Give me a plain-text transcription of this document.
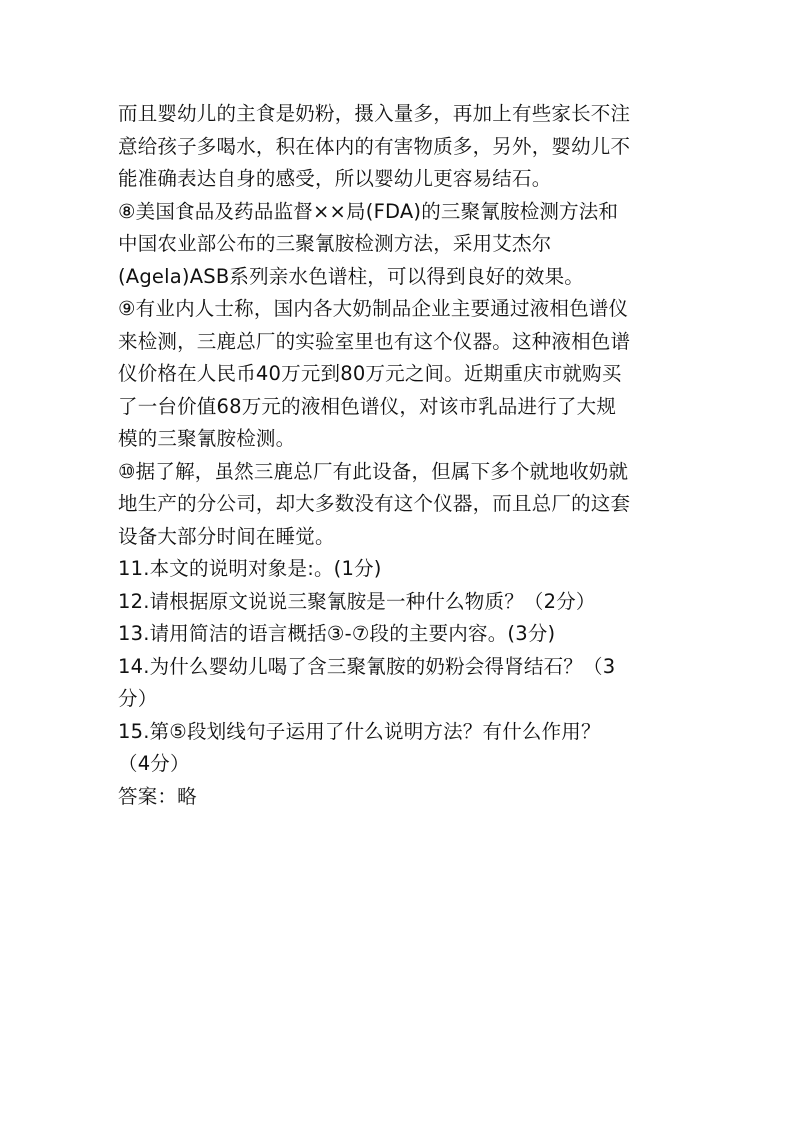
而且婴幼儿的主食是奶粉，摄入量多，再加上有些家长不注
意给孩子多喝水，积在体内的有害物质多，另外，婴幼儿不
能准确表达自身的感受，所以婴幼儿更容易结石。
⑧美国食品及药品监督××局(FDA)的三聚氰胺检测方法和
中国农业部公布的三聚氰胺检测方法，采用艾杰尔
(Agela)ASB系列亲水色谱柱，可以得到良好的效果。
⑨有业内人士称，国内各大奶制品企业主要通过液相色谱仪
来检测，三鹿总厂的实验室里也有这个仪器。这种液相色谱
仪价格在人民币40万元到80万元之间。近期重庆市就购买
了一台价值68万元的液相色谱仪，对该市乳品进行了大规
模的三聚氰胺检测。
⑩据了解，虽然三鹿总厂有此设备，但属下多个就地收奶就
地生产的分公司，却大多数没有这个仪器，而且总厂的这套
设备大部分时间在睡觉。
11.本文的说明对象是:。(1分)
12.请根据原文说说三聚氰胺是一种什么物质？（2分）
13.请用简洁的语言概括③-⑦段的主要内容。(3分)
14.为什么婴幼儿喝了含三聚氰胺的奶粉会得肾结石？（3
分）
15.第⑤段划线句子运用了什么说明方法？有什么作用？
（4分）
答案：略
